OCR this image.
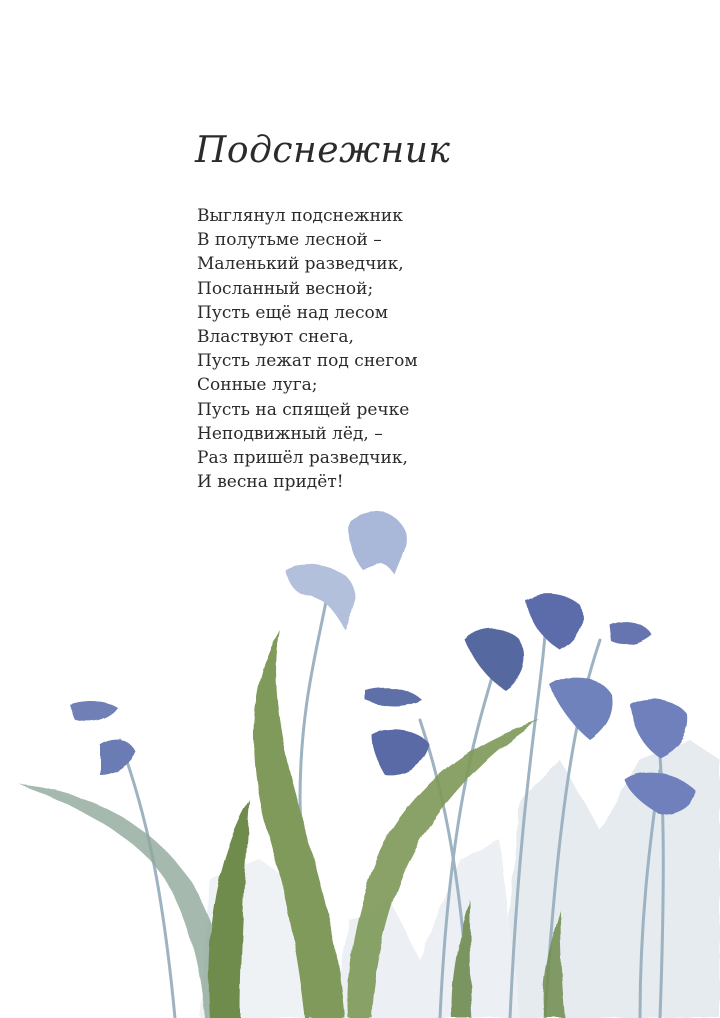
Подснежник
Выглянул подснежник
В полутьме лесной –
Маленький разведчик,
Посланный весной;
Пусть ещё над лесом
Властвуют снега,
Пусть лежат под снегом
Сонные луга;
Пусть на спящей речке
Неподвижный лёд, –
Раз пришёл разведчик,
И весна придёт!
